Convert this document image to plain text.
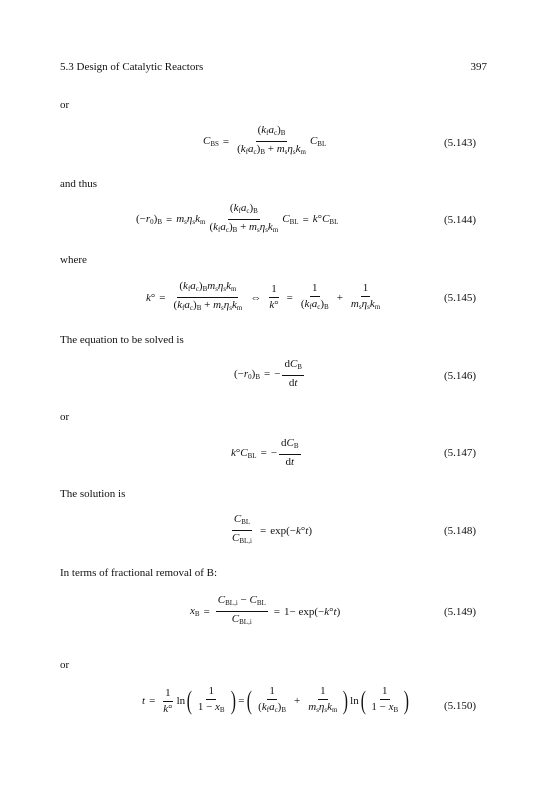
5.3 Design of Catalytic Reactors	397
or
$C_{BS} = \frac{(k_fa_c)_B}{(k_fa_c)_B + m_s\eta_sk_m} C_{BL}$	(5.143)
and thus
$(-r_0)_B = m_s\eta_sk_m \frac{(k_fa_c)_B}{(k_fa_c)_B + m_s\eta_sk_m} C_{BL} = k^\circ C_{BL}$	(5.144)
where
$k^\circ = \frac{(k_fa_c)_Bm_s\eta_sk_m}{(k_fa_c)_B + m_s\eta_sk_m}$ ⇔ $\frac{1}{k^\circ} = \frac{1}{(k_fa_c)_B} + \frac{1}{m_s\eta_sk_m}$	(5.145)
The equation to be solved is
$(-r_0)_B$ = − $\frac{dC_B}{dt}$	(5.146)
or
$k^\circ C_{BL}$ = − $\frac{dC_B}{dt}$	(5.147)
The solution is
$\frac{C_{BL}}{C_{BL,i}} = \exp(-k^\circ t)$	(5.148)
In terms of fractional removal of B:
$x_B = \frac{C_{BL,i} - C_{BL}}{C_{BL,i}} = 1- \exp(-k^\circ t)$	(5.149)
or
$t = \frac{1}{k^\circ}$ ln ( $\frac{1}{1 - x_B}$ ) = ( $\frac{1}{(k_fa_c)_B} + \frac{1}{m_s\eta_sk_m}$ ) ln ( $\frac{1}{1 - x_B}$ )	(5.150)
